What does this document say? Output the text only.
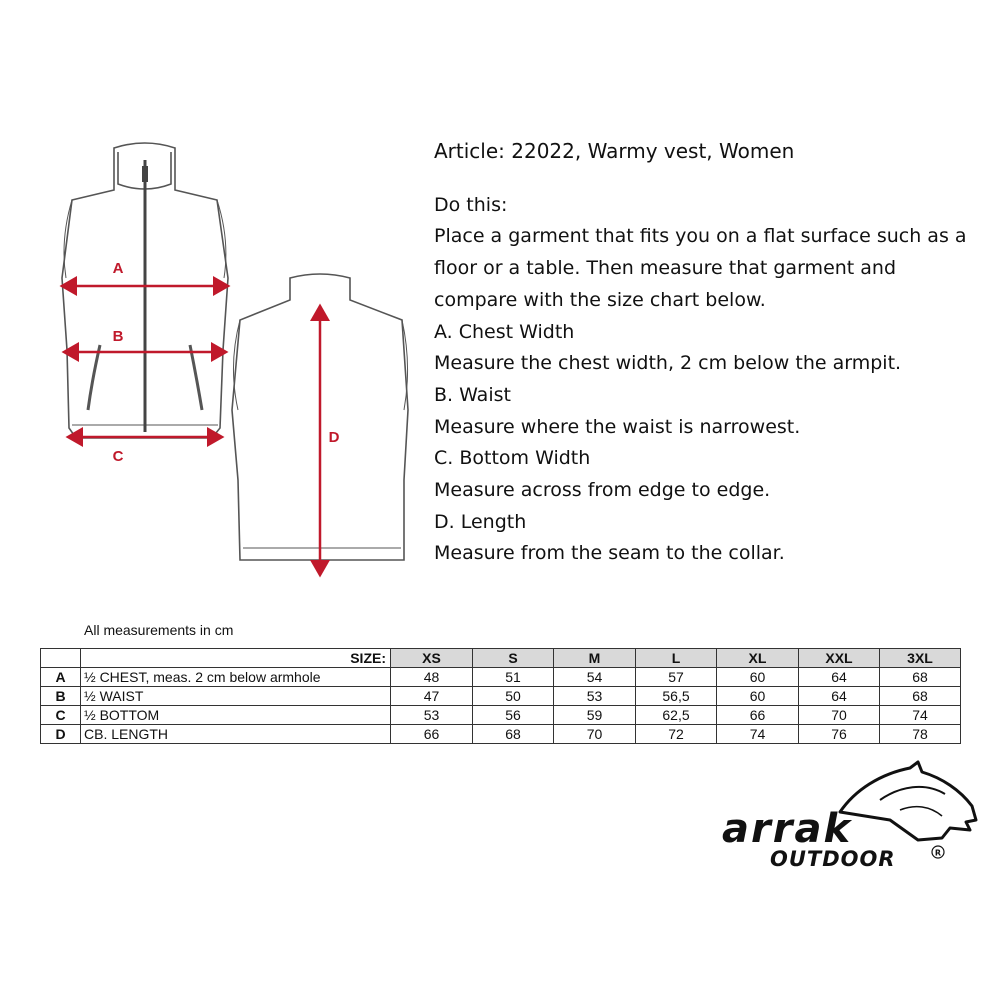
A
B
C
D

Article: 22022, Warmy vest, Women

Do this:

Place a garment that fits you on a flat surface such as a floor or a table. Then measure that garment and compare with the size chart below.

A. Chest Width

Measure the chest width, 2 cm below the armpit.

B. Waist

Measure where the waist is narrowest.

C. Bottom Width

Measure across from edge to edge.

D. Length

Measure from the seam to the collar.

All measurements in cm
	SIZE:	XS	S	M	L	XL	XXL	3XL
A	½ CHEST, meas. 2 cm below armhole	48	51	54	57	60	64	68
B	½ WAIST	47	50	53	56,5	60	64	68
C	½ BOTTOM	53	56	59	62,5	66	70	74
D	CB. LENGTH	66	68	70	72	74	76	78
arrak
OUTDOOR	R
